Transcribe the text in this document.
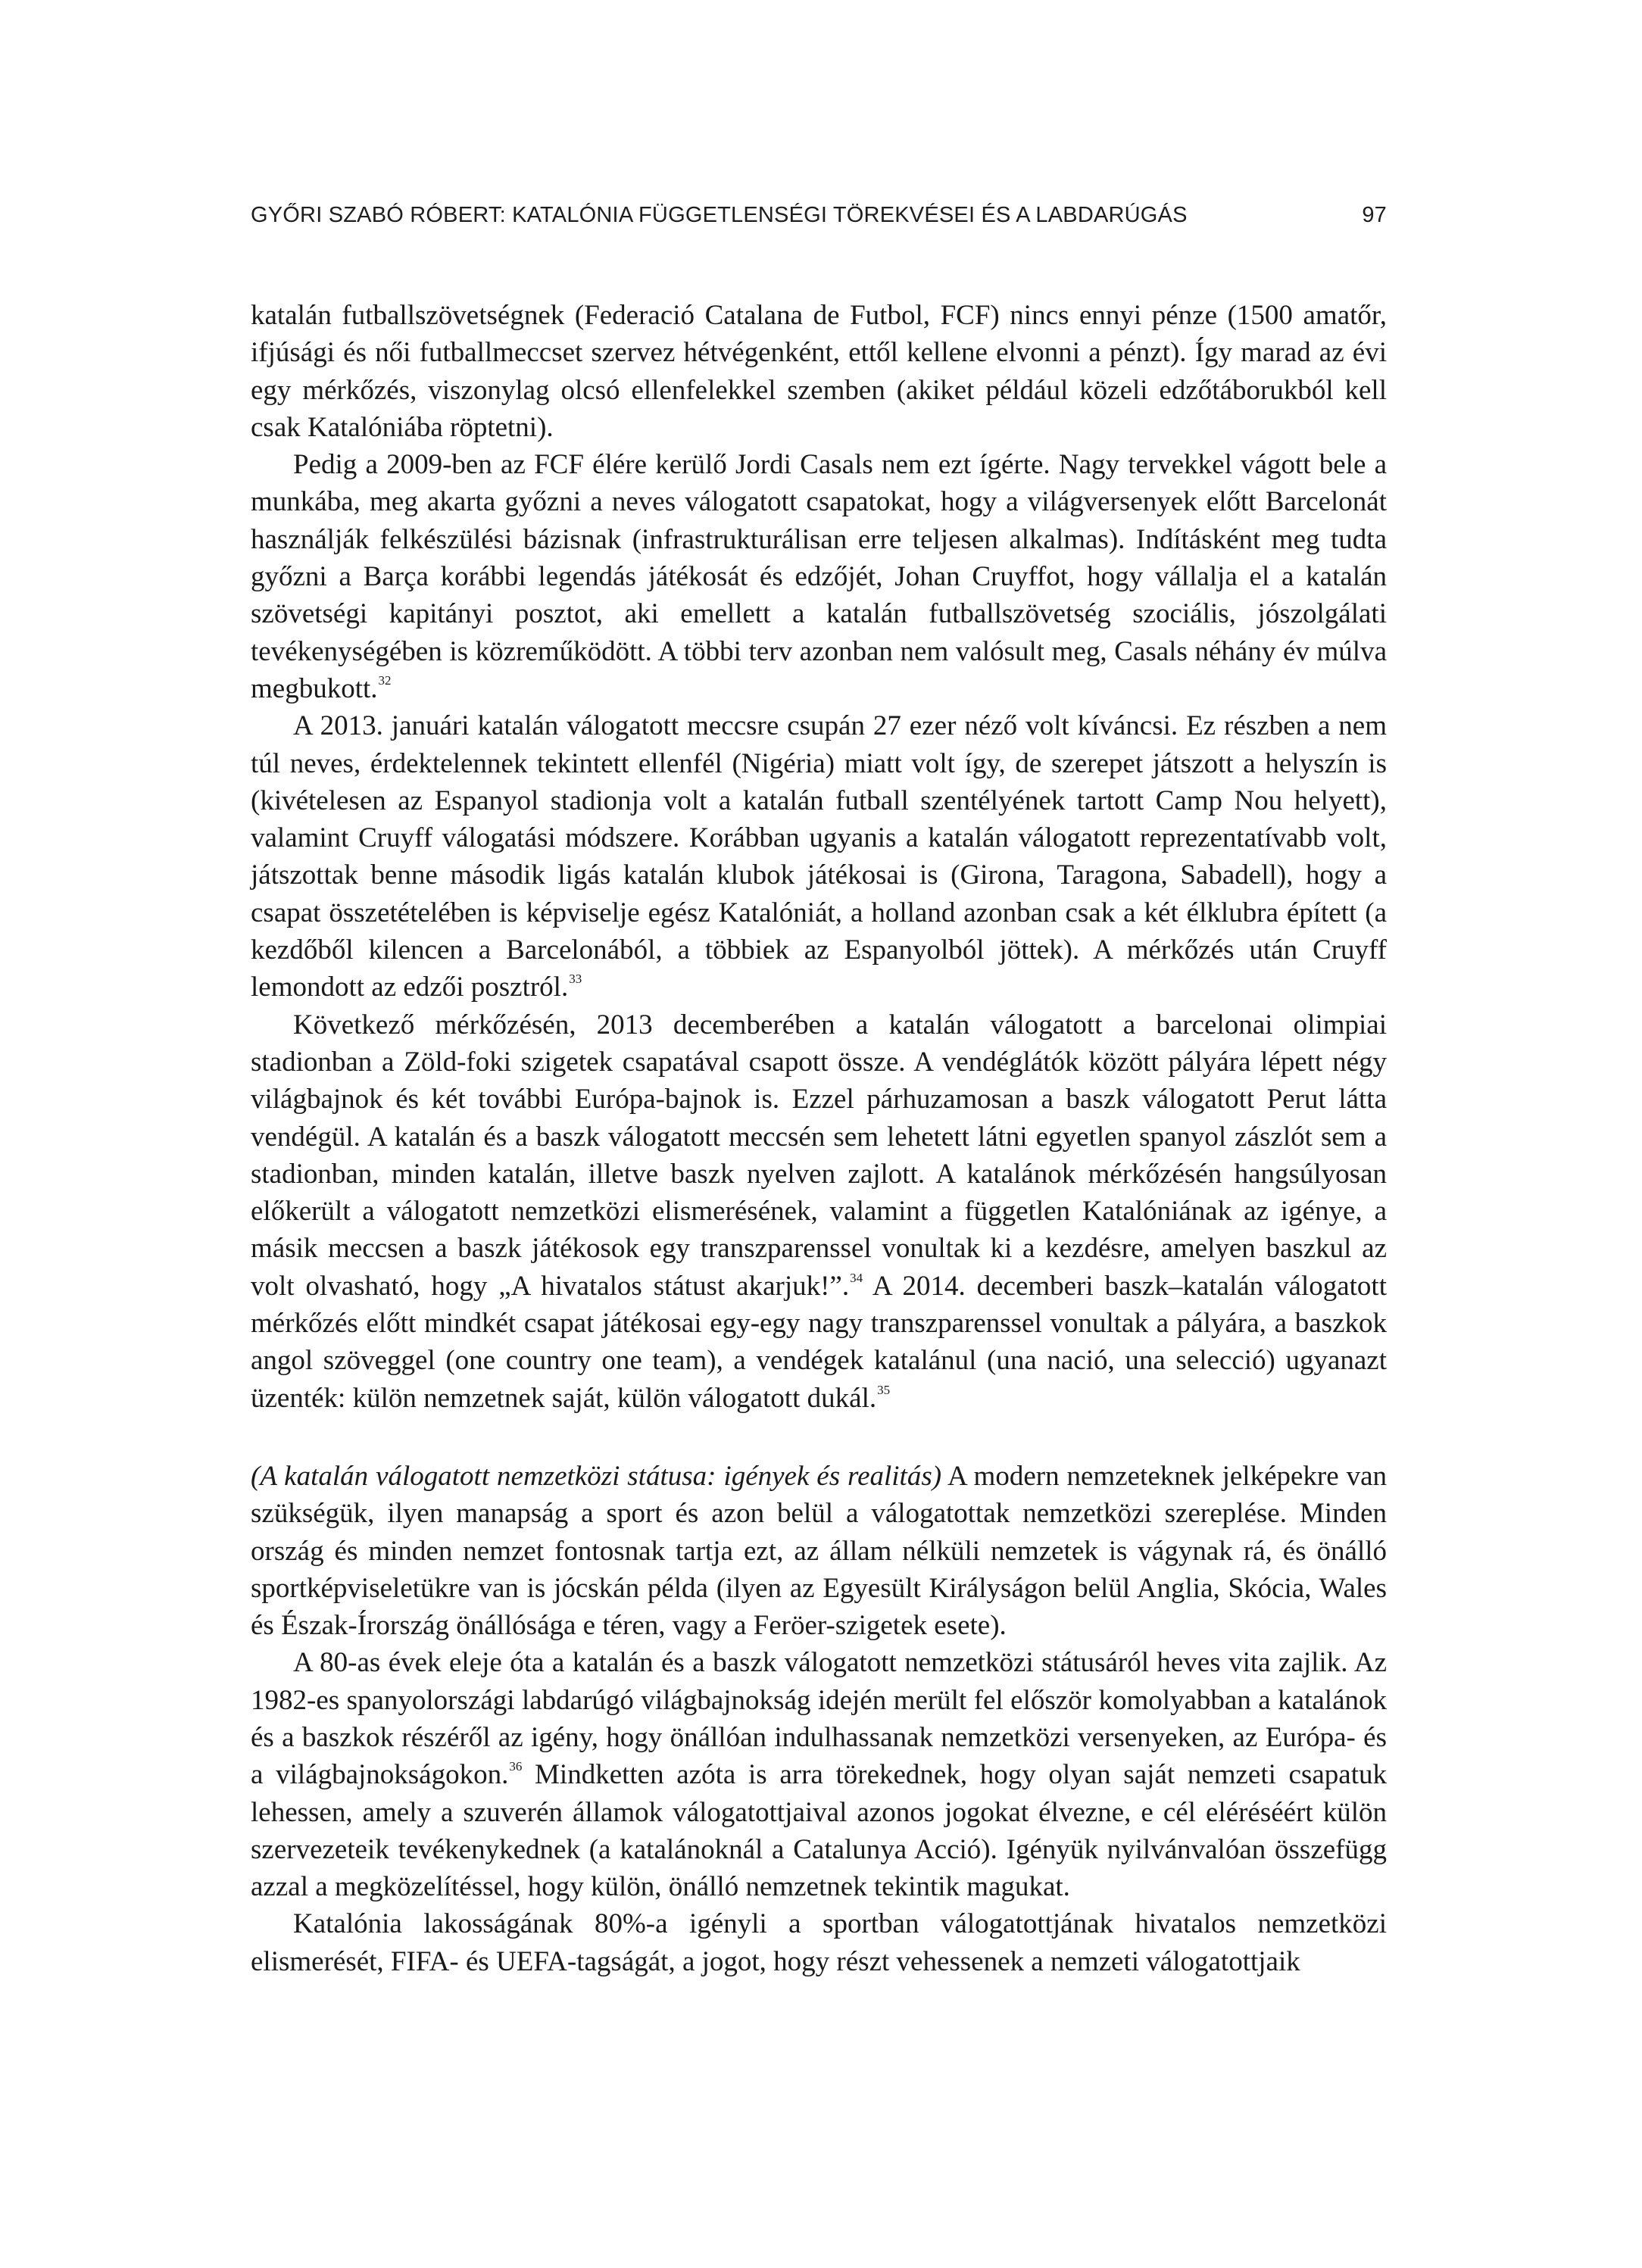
GYŐRI SZABÓ RÓBERT: KATALÓNIA FÜGGETLENSÉGI TÖREKVÉSEI ÉS A LABDARÚGÁS	97

katalán futballszövetségnek (Federació Catalana de Futbol, FCF) nincs ennyi pénze (1500 amatőr, ifjúsági és női futballmeccset szervez hétvégenként, ettől kellene elvonni a pénzt). Így marad az évi egy mérkőzés, viszonylag olcsó ellenfelekkel szemben (akiket például közeli edzőtáborukból kell csak Katalóniába röptetni).

Pedig a 2009-ben az FCF élére kerülő Jordi Casals nem ezt ígérte. Nagy tervekkel vágott bele a munkába, meg akarta győzni a neves válogatott csapatokat, hogy a világversenyek előtt Barcelonát használják felkészülési bázisnak (infrastrukturálisan erre teljesen alkalmas). Indításként meg tudta győzni a Barça korábbi legendás játékosát és edzőjét, Johan Cruyffot, hogy vállalja el a katalán szövetségi kapitányi posztot, aki emellett a katalán futballszövetség szociális, jószolgálati tevékenységében is közreműködött. A többi terv azonban nem valósult meg, Casals néhány év múlva megbukott.$^{32}$

A 2013. januári katalán válogatott meccsre csupán 27 ezer néző volt kíváncsi. Ez részben a nem túl neves, érdektelennek tekintett ellenfél (Nigéria) miatt volt így, de szerepet játszott a helyszín is (kivételesen az Espanyol stadionja volt a katalán futball szentélyének tartott Camp Nou helyett), valamint Cruyff válogatási módszere. Korábban ugyanis a katalán válogatott reprezentatívabb volt, játszottak benne második ligás katalán klubok játékosai is (Girona, Taragona, Sabadell), hogy a csapat összetételében is képviselje egész Katalóniát, a holland azonban csak a két élklubra épített (a kezdőből kilencen a Barcelonából, a többiek az Espanyolból jöttek). A mérkőzés után Cruyff lemondott az edzői posztról.$^{33}$

Következő mérkőzésén, 2013 decemberében a katalán válogatott a barcelonai olimpiai stadionban a Zöld-foki szigetek csapatával csapott össze. A vendéglátók között pályára lépett négy világbajnok és két további Európa-bajnok is. Ezzel párhuzamosan a baszk válogatott Perut látta vendégül. A katalán és a baszk válogatott meccsén sem lehetett látni egyetlen spanyol zászlót sem a stadionban, minden katalán, illetve baszk nyelven zajlott. A katalánok mérkőzésén hangsúlyosan előkerült a válogatott nemzetközi elismerésének, valamint a független Katalóniának az igénye, a másik meccsen a baszk játékosok egy transzparenssel vonultak ki a kezdésre, amelyen baszkul az volt olvasható, hogy „A hivatalos státust akarjuk!”.$^{34}$ A 2014. decemberi baszk–katalán válogatott mérkőzés előtt mindkét csapat játékosai egy-egy nagy transzparenssel vonultak a pályára, a baszkok angol szöveggel (one country one team), a vendégek katalánul (una nació, una selecció) ugyanazt üzenték: külön nemzetnek saját, külön válogatott dukál.$^{35}$

(A katalán válogatott nemzetközi státusa: igények és realitás) A modern nemzeteknek jelképekre van szükségük, ilyen manapság a sport és azon belül a válogatottak nemzetközi szereplése. Minden ország és minden nemzet fontosnak tartja ezt, az állam nélküli nemzetek is vágynak rá, és önálló sportképviseletükre van is jócskán példa (ilyen az Egyesült Királyságon belül Anglia, Skócia, Wales és Észak-Írország önállósága e téren, vagy a Feröer-szigetek esete).

A 80-as évek eleje óta a katalán és a baszk válogatott nemzetközi státusáról heves vita zajlik. Az 1982-es spanyolországi labdarúgó világbajnokság idején merült fel először komolyabban a katalánok és a baszkok részéről az igény, hogy önállóan indulhassanak nemzetközi versenyeken, az Európa- és a világbajnokságokon.$^{36}$ Mindketten azóta is arra törekednek, hogy olyan saját nemzeti csapatuk lehessen, amely a szuverén államok válogatottjaival azonos jogokat élvezne, e cél eléréséért külön szervezeteik tevékenykednek (a katalánoknál a Catalunya Acció). Igényük nyilvánvalóan összefügg azzal a megközelítéssel, hogy külön, önálló nemzetnek tekintik magukat.

Katalónia lakosságának 80%-a igényli a sportban válogatottjának hivatalos nemzetközi elismerését, FIFA- és UEFA-tagságát, a jogot, hogy részt vehessenek a nemzeti válogatottjaik
